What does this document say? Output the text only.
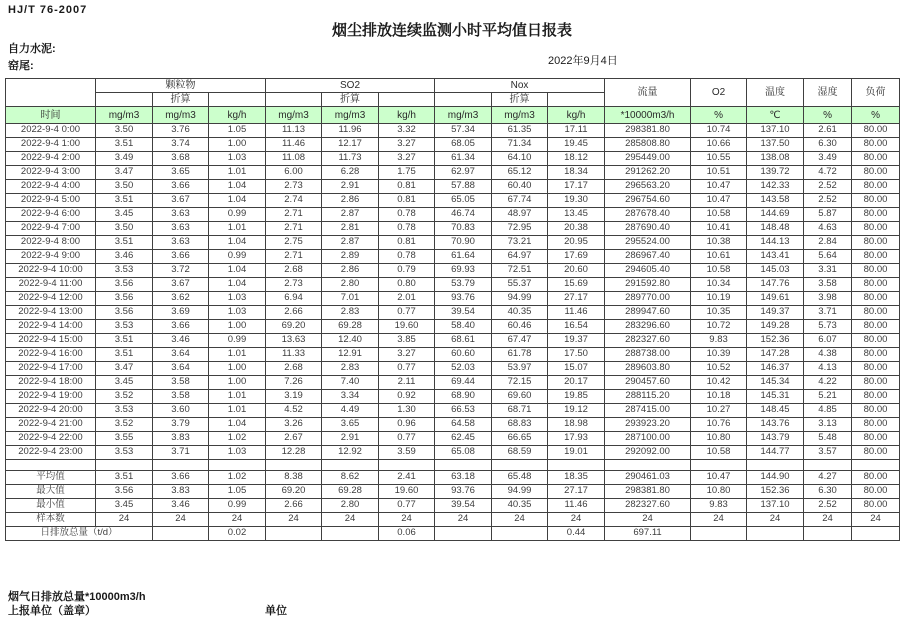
HJ/T 76-2007
烟尘排放连续监测小时平均值日报表
自力水泥:
窑尾:	2022年9月4日
	颗粒物			SO2			Nox			流量	O2	温度	湿度	负荷
		折算			折算			折算						
时间	mg/m3	mg/m3	kg/h	mg/m3	mg/m3	kg/h	mg/m3	mg/m3	kg/h	*10000m3/h	%	℃	%	%
2022-9-4 0:00	3.50	3.76	1.05	11.13	11.96	3.32	57.34	61.35	17.11	298381.80	10.74	137.10	2.61	80.00
2022-9-4 1:00	3.51	3.74	1.00	11.46	12.17	3.27	68.05	71.34	19.45	285808.80	10.66	137.50	6.30	80.00
2022-9-4 2:00	3.49	3.68	1.03	11.08	11.73	3.27	61.34	64.10	18.12	295449.00	10.55	138.08	3.49	80.00
2022-9-4 3:00	3.47	3.65	1.01	6.00	6.28	1.75	62.97	65.12	18.34	291262.20	10.51	139.72	4.72	80.00
2022-9-4 4:00	3.50	3.66	1.04	2.73	2.91	0.81	57.88	60.40	17.17	296563.20	10.47	142.33	2.52	80.00
2022-9-4 5:00	3.51	3.67	1.04	2.74	2.86	0.81	65.05	67.74	19.30	296754.60	10.47	143.58	2.52	80.00
2022-9-4 6:00	3.45	3.63	0.99	2.71	2.87	0.78	46.74	48.97	13.45	287678.40	10.58	144.69	5.87	80.00
2022-9-4 7:00	3.50	3.63	1.01	2.71	2.81	0.78	70.83	72.95	20.38	287690.40	10.41	148.48	4.63	80.00
2022-9-4 8:00	3.51	3.63	1.04	2.75	2.87	0.81	70.90	73.21	20.95	295524.00	10.38	144.13	2.84	80.00
2022-9-4 9:00	3.46	3.66	0.99	2.71	2.89	0.78	61.64	64.97	17.69	286967.40	10.61	143.41	5.64	80.00
2022-9-4 10:00	3.53	3.72	1.04	2.68	2.86	0.79	69.93	72.51	20.60	294605.40	10.58	145.03	3.31	80.00
2022-9-4 11:00	3.56	3.67	1.04	2.73	2.80	0.80	53.79	55.37	15.69	291592.80	10.34	147.76	3.58	80.00
2022-9-4 12:00	3.56	3.62	1.03	6.94	7.01	2.01	93.76	94.99	27.17	289770.00	10.19	149.61	3.98	80.00
2022-9-4 13:00	3.56	3.69	1.03	2.66	2.83	0.77	39.54	40.35	11.46	289947.60	10.35	149.37	3.71	80.00
2022-9-4 14:00	3.53	3.66	1.00	69.20	69.28	19.60	58.40	60.46	16.54	283296.60	10.72	149.28	5.73	80.00
2022-9-4 15:00	3.51	3.46	0.99	13.63	12.40	3.85	68.61	67.47	19.37	282327.60	9.83	152.36	6.07	80.00
2022-9-4 16:00	3.51	3.64	1.01	11.33	12.91	3.27	60.60	61.78	17.50	288738.00	10.39	147.28	4.38	80.00
2022-9-4 17:00	3.47	3.64	1.00	2.68	2.83	0.77	52.03	53.97	15.07	289603.80	10.52	146.37	4.13	80.00
2022-9-4 18:00	3.45	3.58	1.00	7.26	7.40	2.11	69.44	72.15	20.17	290457.60	10.42	145.34	4.22	80.00
2022-9-4 19:00	3.52	3.58	1.01	3.19	3.34	0.92	68.90	69.60	19.85	288115.20	10.18	145.31	5.21	80.00
2022-9-4 20:00	3.53	3.60	1.01	4.52	4.49	1.30	66.53	68.71	19.12	287415.00	10.27	148.45	4.85	80.00
2022-9-4 21:00	3.52	3.79	1.04	3.26	3.65	0.96	64.58	68.83	18.98	293923.20	10.76	143.76	3.13	80.00
2022-9-4 22:00	3.55	3.83	1.02	2.67	2.91	0.77	62.45	66.65	17.93	287100.00	10.80	143.79	5.48	80.00
2022-9-4 23:00	3.53	3.71	1.03	12.28	12.92	3.59	65.08	68.59	19.01	292092.00	10.58	144.77	3.57	80.00

平均值	3.51	3.66	1.02	8.38	8.62	2.41	63.18	65.48	18.35	290461.03	10.47	144.90	4.27	80.00
最大值	3.56	3.83	1.05	69.20	69.28	19.60	93.76	94.99	27.17	298381.80	10.80	152.36	6.30	80.00
最小值	3.45	3.46	0.99	2.66	2.80	0.77	39.54	40.35	11.46	282327.60	9.83	137.10	2.52	80.00
样本数	24	24	24	24	24	24	24	24	24	24	24	24	24	24
日排放总量（t/d）			0.02			0.06			0.44	697.11				
烟气日排放总量*10000m3/h
上报单位（盖章）	单位
